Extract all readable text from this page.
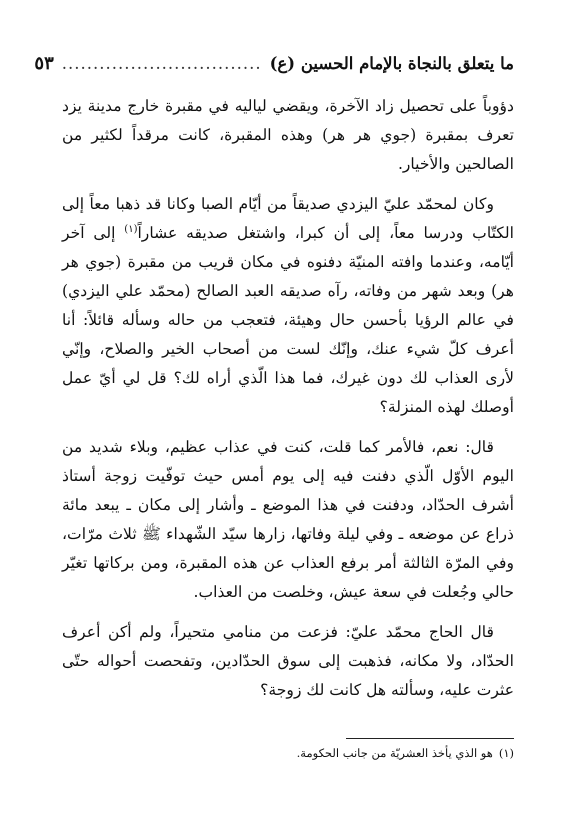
ما يتعلق بالنجاة بالإمام الحسين (ع)
................................
٥٣

دؤوباً على تحصيل زاد الآخرة، ويقضي لياليه في مقبرة خارج مدينة يزد تعرف بمقبرة (جوي هر هر) وهذه المقبرة، كانت مرقداً لكثير من الصالحين والأخيار.

وكان لمحمّد عليّ اليزدي صديقاً من أيّام الصبا وكانا قد ذهبا معاً إلى الكتّاب ودرسا معاً، إلى أن كبرا، واشتغل صديقه عشاراً$^{(١)}$ إلى آخر أيّامه، وعندما وافته المنيّة دفنوه في مكان قريب من مقبرة (جوي هر هر) وبعد شهر من وفاته، رآه صديقه العبد الصالح (محمّد علي اليزدي) في عالم الرؤيا بأحسن حال وهيئة، فتعجب من حاله وسأله قائلاً: أنا أعرف كلّ شيء عنك، وإنّك لست من أصحاب الخير والصلاح، وإنّي لأرى العذاب لك دون غيرك، فما هذا الّذي أراه لك؟ قل لي أيّ عمل أوصلك لهذه المنزلة؟

قال: نعم، فالأمر كما قلت، كنت في عذاب عظيم، وبلاء شديد من اليوم الأوّل الّذي دفنت فيه إلى يوم أمس حيث توفّيت زوجة أستاذ أشرف الحدّاد، ودفنت في هذا الموضع ـ وأشار إلى مكان ـ يبعد مائة ذراع عن موضعه ـ وفي ليلة وفاتها، زارها سيّد الشّهداء ﷺ ثلاث مرّات، وفي المرّة الثالثة أمر برفع العذاب عن هذه المقبرة، ومن بركاتها تغيّر حالي وجُعلت في سعة عيش، وخلصت من العذاب.

قال الحاج محمّد عليّ: فزعت من منامي متحيراً، ولم أكن أعرف الحدّاد، ولا مكانه، فذهبت إلى سوق الحدّادين، وتفحصت أحواله حتّى عثرت عليه، وسألته هل كانت لك زوجة؟

(١)هو الذي يأخذ العشريّة من جانب الحكومة.
